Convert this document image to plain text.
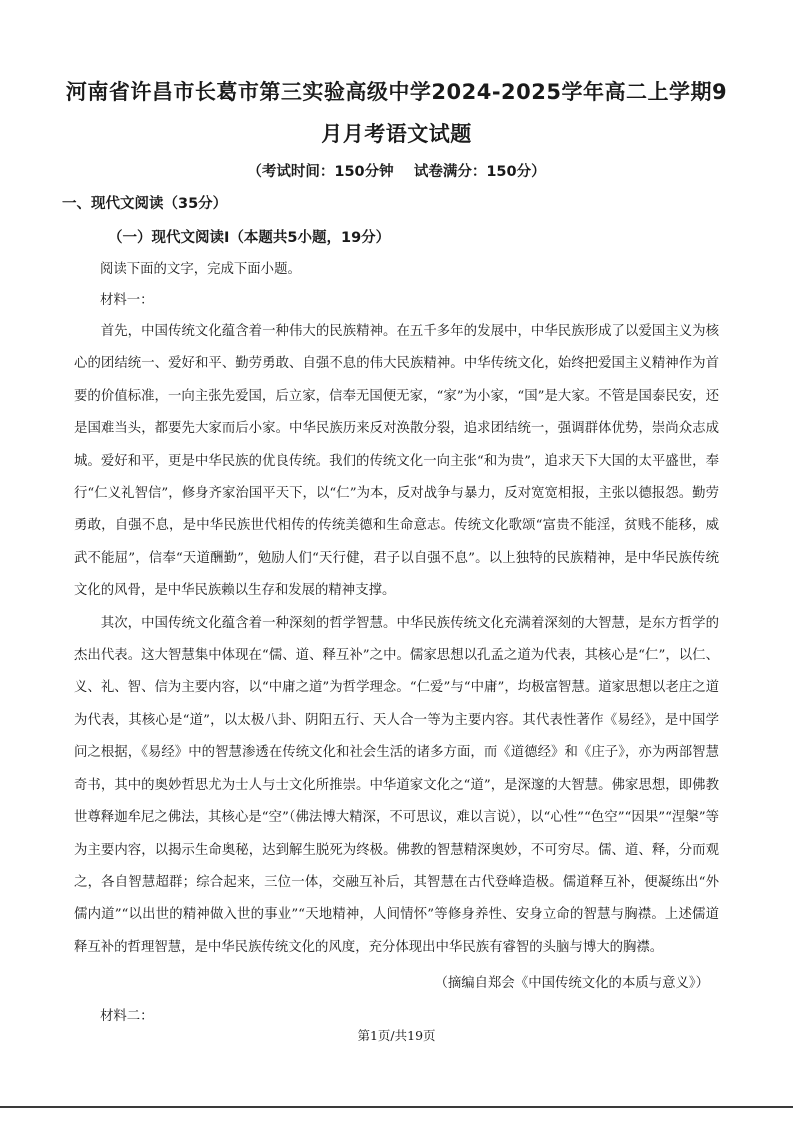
河南省许昌市长葛市第三实验高级中学2024-2025学年高二上学期9
月月考语文试题
（考试时间：150分钟    试卷满分：150分）
一、现代文阅读（35分）
（一）现代文阅读Ⅰ（本题共5小题，19分）
阅读下面的文字，完成下面小题。
材料一：

首先，中国传统文化蕴含着一种伟大的民族精神。在五千多年的发展中，中华民族形成了以爱国主义为核心的团结统一、爱好和平、勤劳勇敢、自强不息的伟大民族精神。中华传统文化，始终把爱国主义精神作为首要的价值标准，一向主张先爱国，后立家，信奉无国便无家，“家”为小家，“国”是大家。不管是国泰民安，还是国难当头，都要先大家而后小家。中华民族历来反对涣散分裂，追求团结统一，强调群体优势，崇尚众志成城。爱好和平，更是中华民族的优良传统。我们的传统文化一向主张“和为贵”，追求天下大国的太平盛世，奉行“仁义礼智信”，修身齐家治国平天下，以“仁”为本，反对战争与暴力，反对宽宽相报，主张以德报怨。勤劳勇敢，自强不息，是中华民族世代相传的传统美德和生命意志。传统文化歌颂“富贵不能淫，贫贱不能移，威武不能屈”，信奉“天道酬勤”，勉励人们“天行健，君子以自强不息”。以上独特的民族精神，是中华民族传统文化的风骨，是中华民族赖以生存和发展的精神支撑。

其次，中国传统文化蕴含着一种深刻的哲学智慧。中华民族传统文化充满着深刻的大智慧，是东方哲学的杰出代表。这大智慧集中体现在“儒、道、释互补”之中。儒家思想以孔孟之道为代表，其核心是“仁”，以仁、义、礼、智、信为主要内容，以“中庸之道”为哲学理念。“仁爱”与“中庸”，均极富智慧。道家思想以老庄之道为代表，其核心是“道”，以太极八卦、阴阳五行、天人合一等为主要内容。其代表性著作《易经》，是中国学问之根据，《易经》中的智慧渗透在传统文化和社会生活的诸多方面，而《道德经》和《庄子》，亦为两部智慧奇书，其中的奥妙哲思尤为士人与士文化所推崇。中华道家文化之“道”，是深邃的大智慧。佛家思想，即佛教世尊释迦牟尼之佛法，其核心是“空”（佛法博大精深，不可思议，难以言说），以“心性”“色空”“因果”“涅槃”等为主要内容，以揭示生命奥秘，达到解生脱死为终极。佛教的智慧精深奥妙，不可穷尽。儒、道、释，分而观之，各自智慧超群；综合起来，三位一体，交融互补后，其智慧在古代登峰造极。儒道释互补，便凝练出“外儒内道”“以出世的精神做入世的事业”“天地精神，人间情怀”等修身养性、安身立命的智慧与胸襟。上述儒道释互补的哲理智慧，是中华民族传统文化的风度，充分体现出中华民族有睿智的头脑与博大的胸襟。

（摘编自郑会《中国传统文化的本质与意义》）
材料二：
第1页/共19页
